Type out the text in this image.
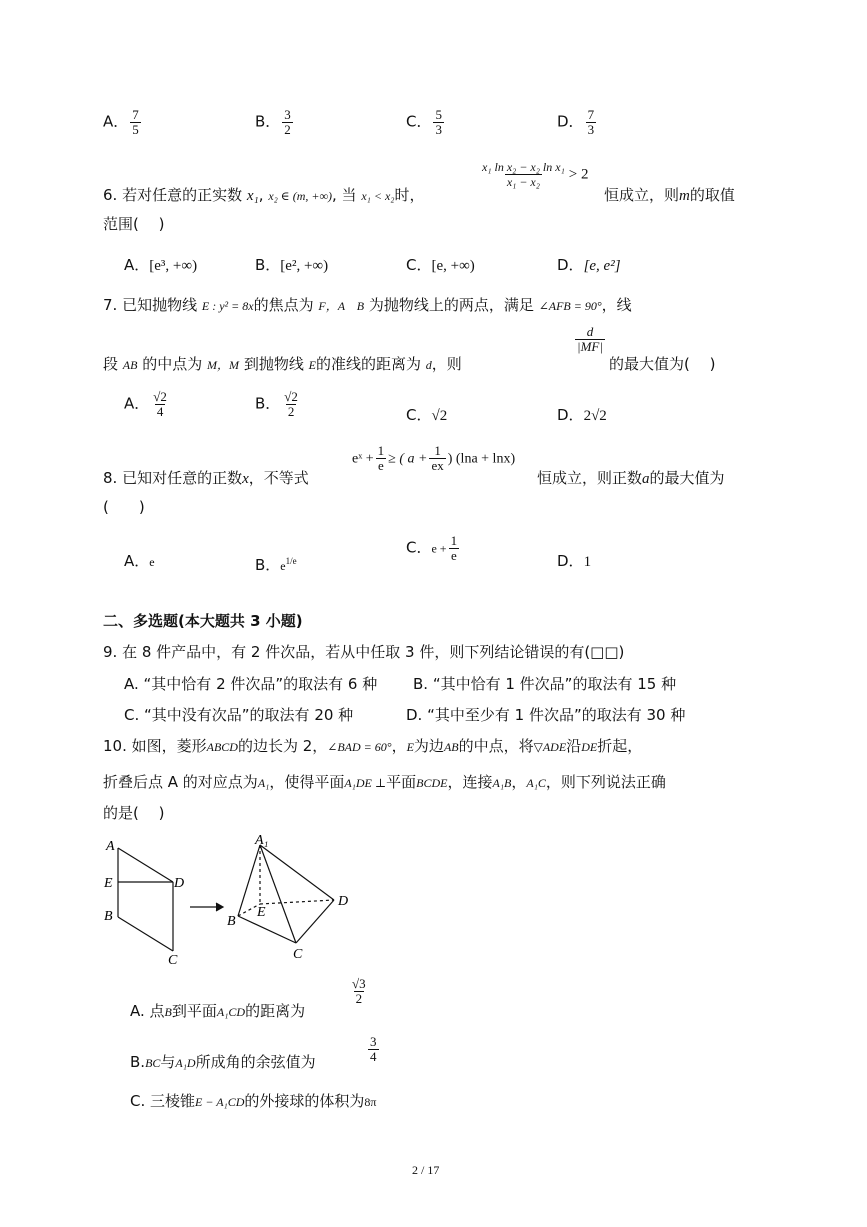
A． $\frac{7}{5}$	B． $\frac{3}{2}$	C． $\frac{5}{3}$	D． $\frac{7}{3}$
6. 若对任意的正实数 x₁, x₂ ∈ (m, +∞), 当 x₁ < x₂时，
$\frac{\text{x₁ ln x₂ − x₂ ln x₁}}{\text{x₁ − x₂}} > 2$
恒成立，则m的取值
范围(　 )
A．[e³, +∞)	B．[e², +∞)	C．[e, +∞)	D．[e, e²]
7. 已知抛物线 E : y² = 8x的焦点为 F，A　B 为抛物线上的两点，满足 ∠AFB = 90°，线
段 AB 的中点为 M，M 到抛物线 E的准线的距离为 d，则
$\frac{d}{|MF|}$
的最大值为(　 )
A． $\frac{√2}{4}$	B． $\frac{√2}{2}$	C．√2	D．2√2
8. 已知对任意的正数x，不等式
eˣ + $\frac{1}{e}$ ≥ ( $a + \frac{1}{ex}$ ) (lna + lnx)
恒成立，则正数a的最大值为
(　　)
A．e	B．$e^{1/e}$
C．$e + \frac{1}{e}$	D．1
二、多选题(本大题共 3 小题)
9. 在 8 件产品中，有 2 件次品，若从中任取 3 件，则下列结论错误的有(□□)
A. “其中恰有 2 件次品”的取法有 6 种 B. “其中恰有 1 件次品”的取法有 15 种
C. “其中没有次品”的取法有 20 种	D. “其中至少有 1 件次品”的取法有 30 种
10. 如图，菱形ABCD的边长为 2，∠BAD = 60°，E为边AB的中点，将▽ADE沿DE折起，
折叠后点 A 的对应点为A₁，使得平面A₁DE ⊥平面BCDE，连接A₁B，A₁C，则下列说法正确
的是(　 )
A
E	D
B
C
A₁
D
E
B
C
A. 点B到平面A₁CD的距离为
$\frac{√3}{2}$
B.BC与A₁D所成角的余弦值为	$\frac{3}{4}$
C. 三棱锥E − A₁CD的外接球的体积为8π
2 / 17
